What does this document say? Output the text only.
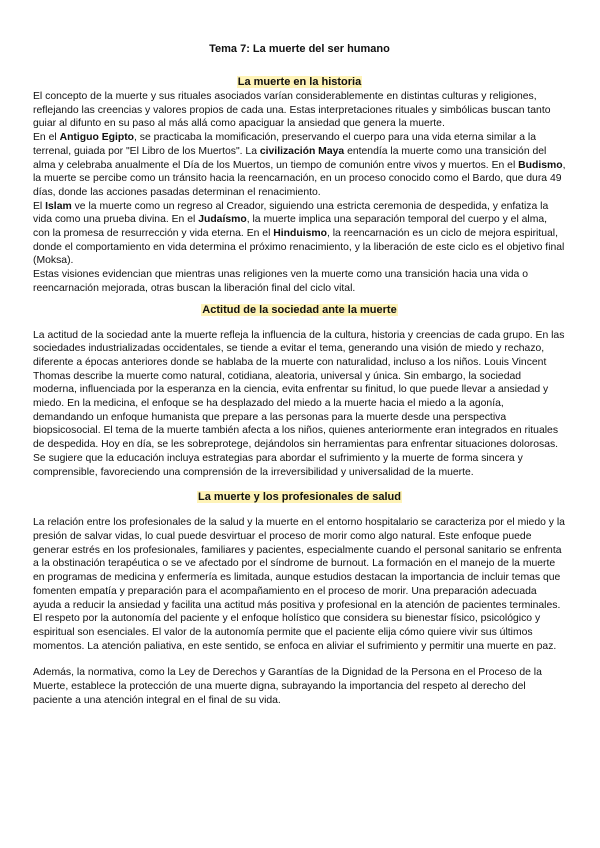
Tema 7: La muerte del ser humano
La muerte en la historia

El concepto de la muerte y sus rituales asociados varían considerablemente en distintas culturas y religiones, reflejando las creencias y valores propios de cada una. Estas interpretaciones rituales y simbólicas buscan tanto guiar al difunto en su paso al más allá como apaciguar la ansiedad que genera la muerte.

En el Antiguo Egipto, se practicaba la momificación, preservando el cuerpo para una vida eterna similar a la terrenal, guiada por "El Libro de los Muertos". La civilización Maya entendía la muerte como una transición del alma y celebraba anualmente el Día de los Muertos, un tiempo de comunión entre vivos y muertos. En el Budismo, la muerte se percibe como un tránsito hacia la reencarnación, en un proceso conocido como el Bardo, que dura 49 días, donde las acciones pasadas determinan el renacimiento.

El Islam ve la muerte como un regreso al Creador, siguiendo una estricta ceremonia de despedida, y enfatiza la vida como una prueba divina. En el Judaísmo, la muerte implica una separación temporal del cuerpo y el alma, con la promesa de resurrección y vida eterna. En el Hinduismo, la reencarnación es un ciclo de mejora espiritual, donde el comportamiento en vida determina el próximo renacimiento, y la liberación de este ciclo es el objetivo final (Moksa).

Estas visiones evidencian que mientras unas religiones ven la muerte como una transición hacia una vida o reencarnación mejorada, otras buscan la liberación final del ciclo vital.

Actitud de la sociedad ante la muerte

La actitud de la sociedad ante la muerte refleja la influencia de la cultura, historia y creencias de cada grupo. En las sociedades industrializadas occidentales, se tiende a evitar el tema, generando una visión de miedo y rechazo, diferente a épocas anteriores donde se hablaba de la muerte con naturalidad, incluso a los niños. Louis Vincent Thomas describe la muerte como natural, cotidiana, aleatoria, universal y única. Sin embargo, la sociedad moderna, influenciada por la esperanza en la ciencia, evita enfrentar su finitud, lo que puede llevar a ansiedad y miedo. En la medicina, el enfoque se ha desplazado del miedo a la muerte hacia el miedo a la agonía, demandando un enfoque humanista que prepare a las personas para la muerte desde una perspectiva biopsicosocial. El tema de la muerte también afecta a los niños, quienes anteriormente eran integrados en rituales de despedida. Hoy en día, se les sobreprotege, dejándolos sin herramientas para enfrentar situaciones dolorosas. Se sugiere que la educación incluya estrategias para abordar el sufrimiento y la muerte de forma sincera y comprensible, favoreciendo una comprensión de la irreversibilidad y universalidad de la muerte.

La muerte y los profesionales de salud

La relación entre los profesionales de la salud y la muerte en el entorno hospitalario se caracteriza por el miedo y la presión de salvar vidas, lo cual puede desvirtuar el proceso de morir como algo natural. Este enfoque puede generar estrés en los profesionales, familiares y pacientes, especialmente cuando el personal sanitario se enfrenta a la obstinación terapéutica o se ve afectado por el síndrome de burnout. La formación en el manejo de la muerte en programas de medicina y enfermería es limitada, aunque estudios destacan la importancia de incluir temas que fomenten empatía y preparación para el acompañamiento en el proceso de morir. Una preparación adecuada ayuda a reducir la ansiedad y facilita una actitud más positiva y profesional en la atención de pacientes terminales. El respeto por la autonomía del paciente y el enfoque holístico que considera su bienestar físico, psicológico y espiritual son esenciales. El valor de la autonomía permite que el paciente elija cómo quiere vivir sus últimos momentos. La atención paliativa, en este sentido, se enfoca en aliviar el sufrimiento y permitir una muerte en paz.

Además, la normativa, como la Ley de Derechos y Garantías de la Dignidad de la Persona en el Proceso de la Muerte, establece la protección de una muerte digna, subrayando la importancia del respeto al derecho del paciente a una atención integral en el final de su vida.
